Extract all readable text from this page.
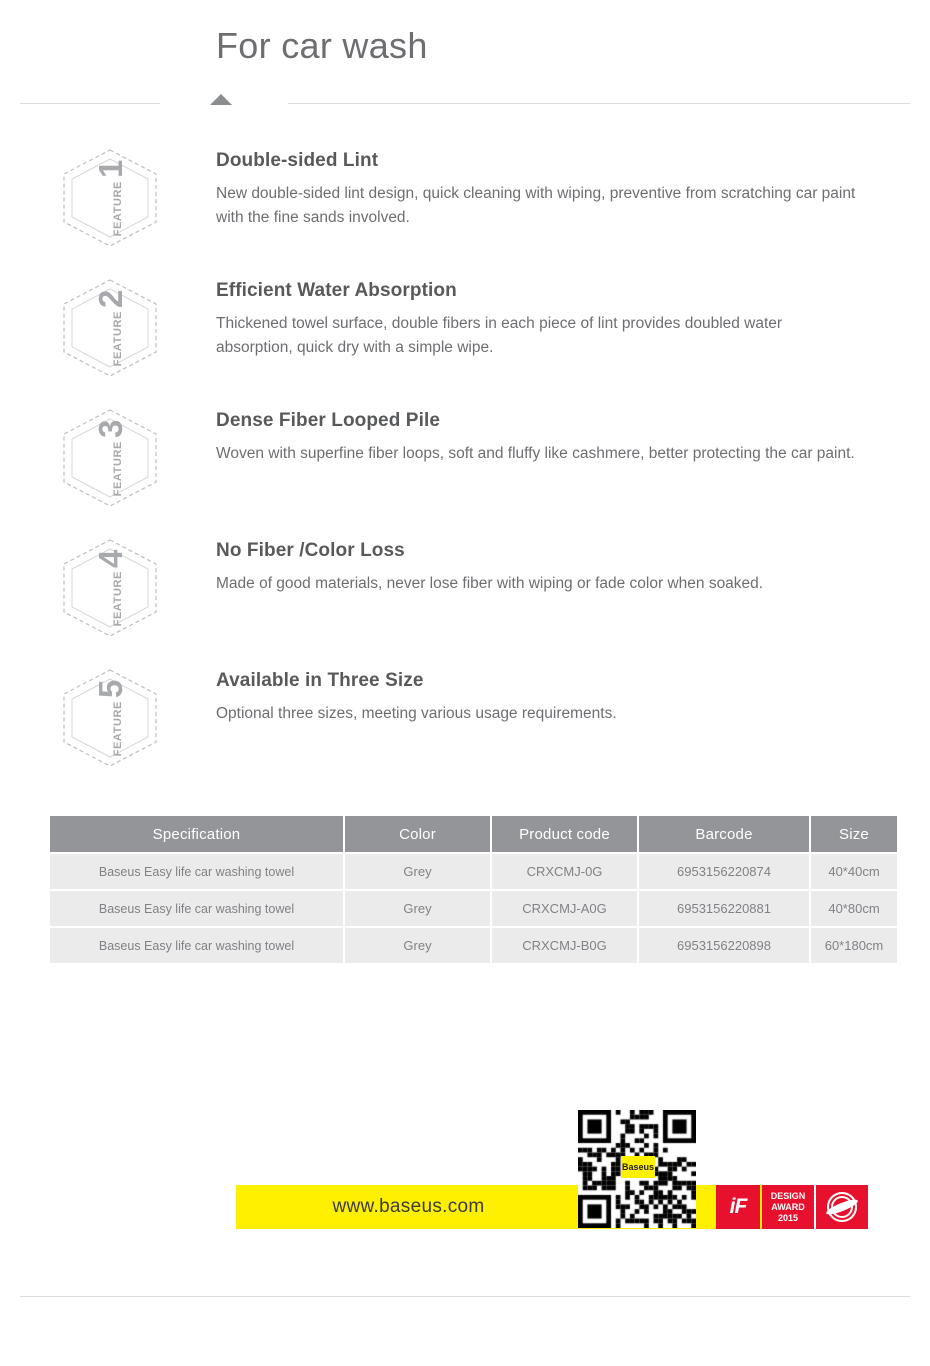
For car wash
FEATURE
1	Double-sided Lint

New double-sided lint design, quick cleaning with wiping, preventive from scratching car paint with the fine sands involved.

FEATURE
2	Efficient Water Absorption

Thickened towel surface, double fibers in each piece of lint provides doubled water absorption, quick dry with a simple wipe.

FEATURE
3	Dense Fiber Looped Pile

Woven with superfine fiber loops, soft and fluffy like cashmere, better protecting the car paint.

FEATURE
4	No Fiber /Color Loss

Made of good materials, never lose fiber with wiping or fade color when soaked.

FEATURE
5	Available in Three Size

Optional three sizes, meeting various usage requirements.

Specification	Color	Product code	Barcode	Size
Baseus Easy life car washing towel	Grey	CRXCMJ-0G	6953156220874	40*40cm
Baseus Easy life car washing towel	Grey	CRXCMJ-A0G	6953156220881	40*80cm
Baseus Easy life car washing towel	Grey	CRXCMJ-B0G	6953156220898	60*180cm
www.baseus.com
Baseus
iF	DESIGN
AWARD
2015
